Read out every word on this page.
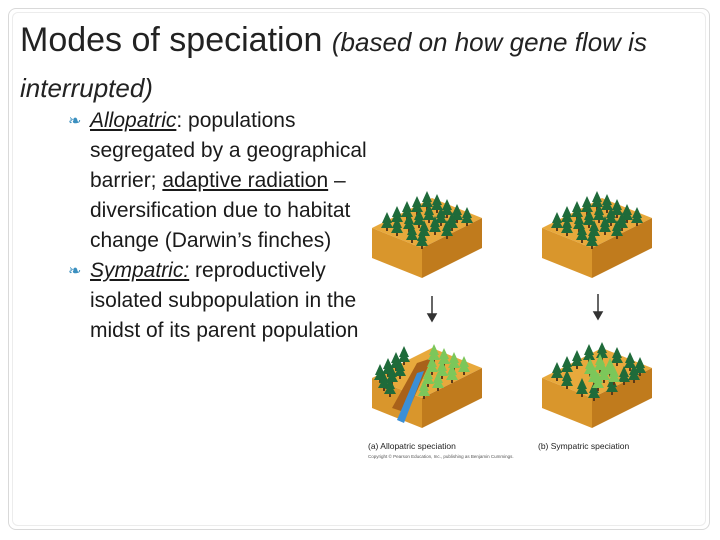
Modes of speciation (based on how gene flow is interrupted)
❧ Allopatric: populations segregated by a geographical barrier; adaptive radiation – diversification due to habitat change (Darwin’s finches)
❧ Sympatric: reproductively isolated subpopulation in the midst of its parent population
(a) Allopatric speciation	(b) Sympatric speciation
Copyright © Pearson Education, Inc., publishing as Benjamin Cummings.
